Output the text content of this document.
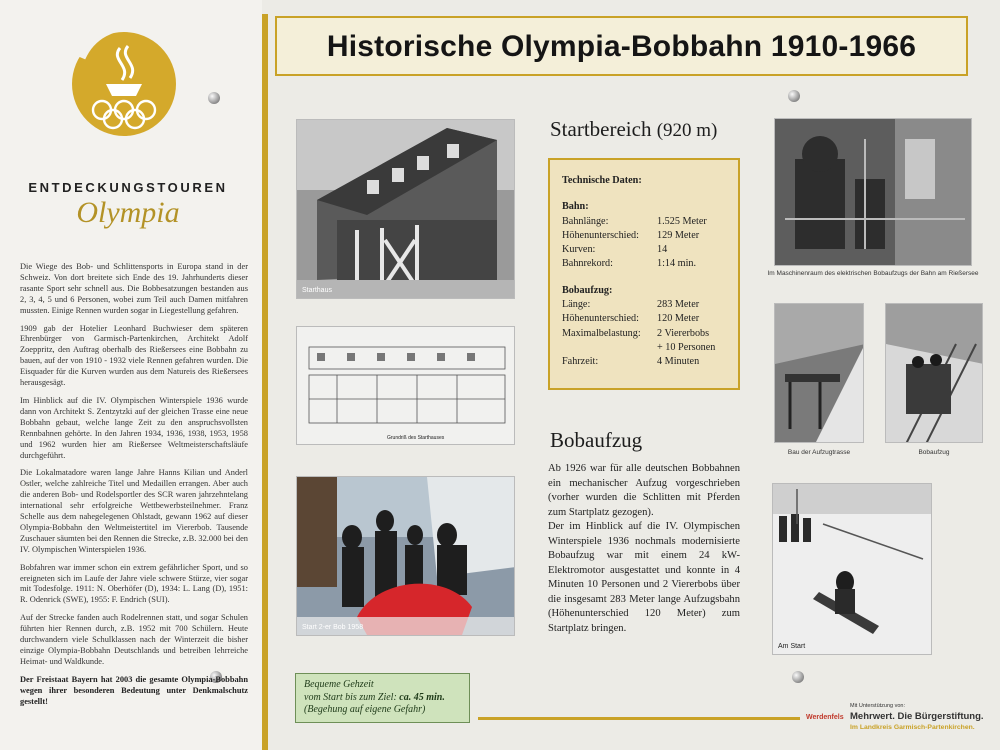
ENTDECKUNGSTOUREN
Olympia

Die Wiege des Bob- und Schlittensports in Europa stand in der Schweiz. Von dort breitete sich Ende des 19. Jahrhunderts dieser rasante Sport sehr schnell aus. Die Bobbesatzungen bestanden aus 2, 3, 4, 5 und 6 Personen, wobei zum Teil auch Damen mitfahren mussten. Einige Rennen wurden sogar in Liegestellung gefahren.

1909 gab der Hotelier Leonhard Buchwieser dem späteren Ehrenbürger von Garmisch-Partenkirchen, Architekt Adolf Zoeppritz, den Auftrag oberhalb des Rießersees eine Bobbahn zu bauen, auf der von 1910 - 1932 viele Rennen gefahren wurden. Die Eisquader für die Kurven wurden aus dem Natureis des Rießersees herausgesägt.

Im Hinblick auf die IV. Olympischen Winterspiele 1936 wurde dann von Architekt S. Zentzytzki auf der gleichen Trasse eine neue Bobbahn gebaut, welche lange Zeit zu den anspruchsvollsten Rennbahnen gehörte. In den Jahren 1934, 1936, 1938, 1953, 1958 und 1962 wurden hier am Rießersee Weltmeisterschaftsläufe durchgeführt.

Die Lokalmatadore waren lange Jahre Hanns Kilian und Anderl Ostler, welche zahlreiche Titel und Medaillen errangen. Aber auch die anderen Bob- und Rodelsportler des SCR waren jahrzehntelang international sehr erfolgreiche Wettbewerbsteilnehmer. Franz Schelle aus dem nahegelegenen Ohlstadt, gewann 1962 auf dieser Olympia-Bobbahn den Weltmeistertitel im Viererbob. Tausende Zuschauer säumten bei den Rennen die Strecke, z.B. 32.000 bei den IV. Olympischen Winterspielen 1936.

Bobfahren war immer schon ein extrem gefährlicher Sport, und so ereigneten sich im Laufe der Jahre viele schwere Stürze, vier sogar mit Todesfolge. 1911: N. Oberhöfer (D), 1934: L. Lang (D), 1951: R. Odenrick (SWE), 1955: F. Endrich (SUI).

Auf der Strecke fanden auch Rodelrennen statt, und sogar Schulen führten hier Rennen durch, z.B. 1952 mit 700 Schülern. Heute durchwandern viele Schulklassen nach der Winterzeit die bisher einzige Olympia-Bobbahn Deutschlands und betreiben lehrreiche Heimat- und Waldkunde.

Der Freistaat Bayern hat 2003 die gesamte Olympia-Bobbahn wegen ihrer besonderen Bedeutung unter Denkmalschutz gestellt!

Historische Olympia-Bobbahn 1910-1966
Starthaus
Grundriß des Starthauses
Start 2-er Bob 1958
Im Maschinenraum des elektrischen Bobaufzugs der Bahn am Rießersee
Bau der Aufzugtrasse	Bobaufzug
Am Start
Startbereich (920 m)
Technische Daten:
Bahn:
Bahnlänge:	1.525 Meter
Höhenunterschied:	129 Meter
Kurven:	14
Bahnrekord:	1:14 min.
Bobaufzug:
Länge:	283 Meter
Höhenunterschied:	120 Meter
Maximalbelastung:	2 Viererbobs
+ 10 Personen
Fahrzeit:	4 Minuten
Bobaufzug

Ab 1926 war für alle deutschen Bobbahnen ein mechanischer Aufzug vorgeschrieben (vorher wurden die Schlitten mit Pferden zum Startplatz gezogen).

Der im Hinblick auf die IV. Olympischen Winterspiele 1936 nochmals modernisierte Bobaufzug war mit einem 24 kW-Elektromotor ausgestattet und konnte in 4 Minuten 10 Personen und 2 Viererbobs über die insgesamt 283 Meter lange Aufzugsbahn (Höhenunterschied 120 Meter) zum Startplatz bringen.

Bequeme Gehzeit
vom Start bis zum Ziel: ca. 45 min.
(Begehung auf eigene Gefahr)
Werdenfels
Mit Unterstützung von:
Mehrwert. Die Bürgerstiftung.
Im Landkreis Garmisch-Partenkirchen.
